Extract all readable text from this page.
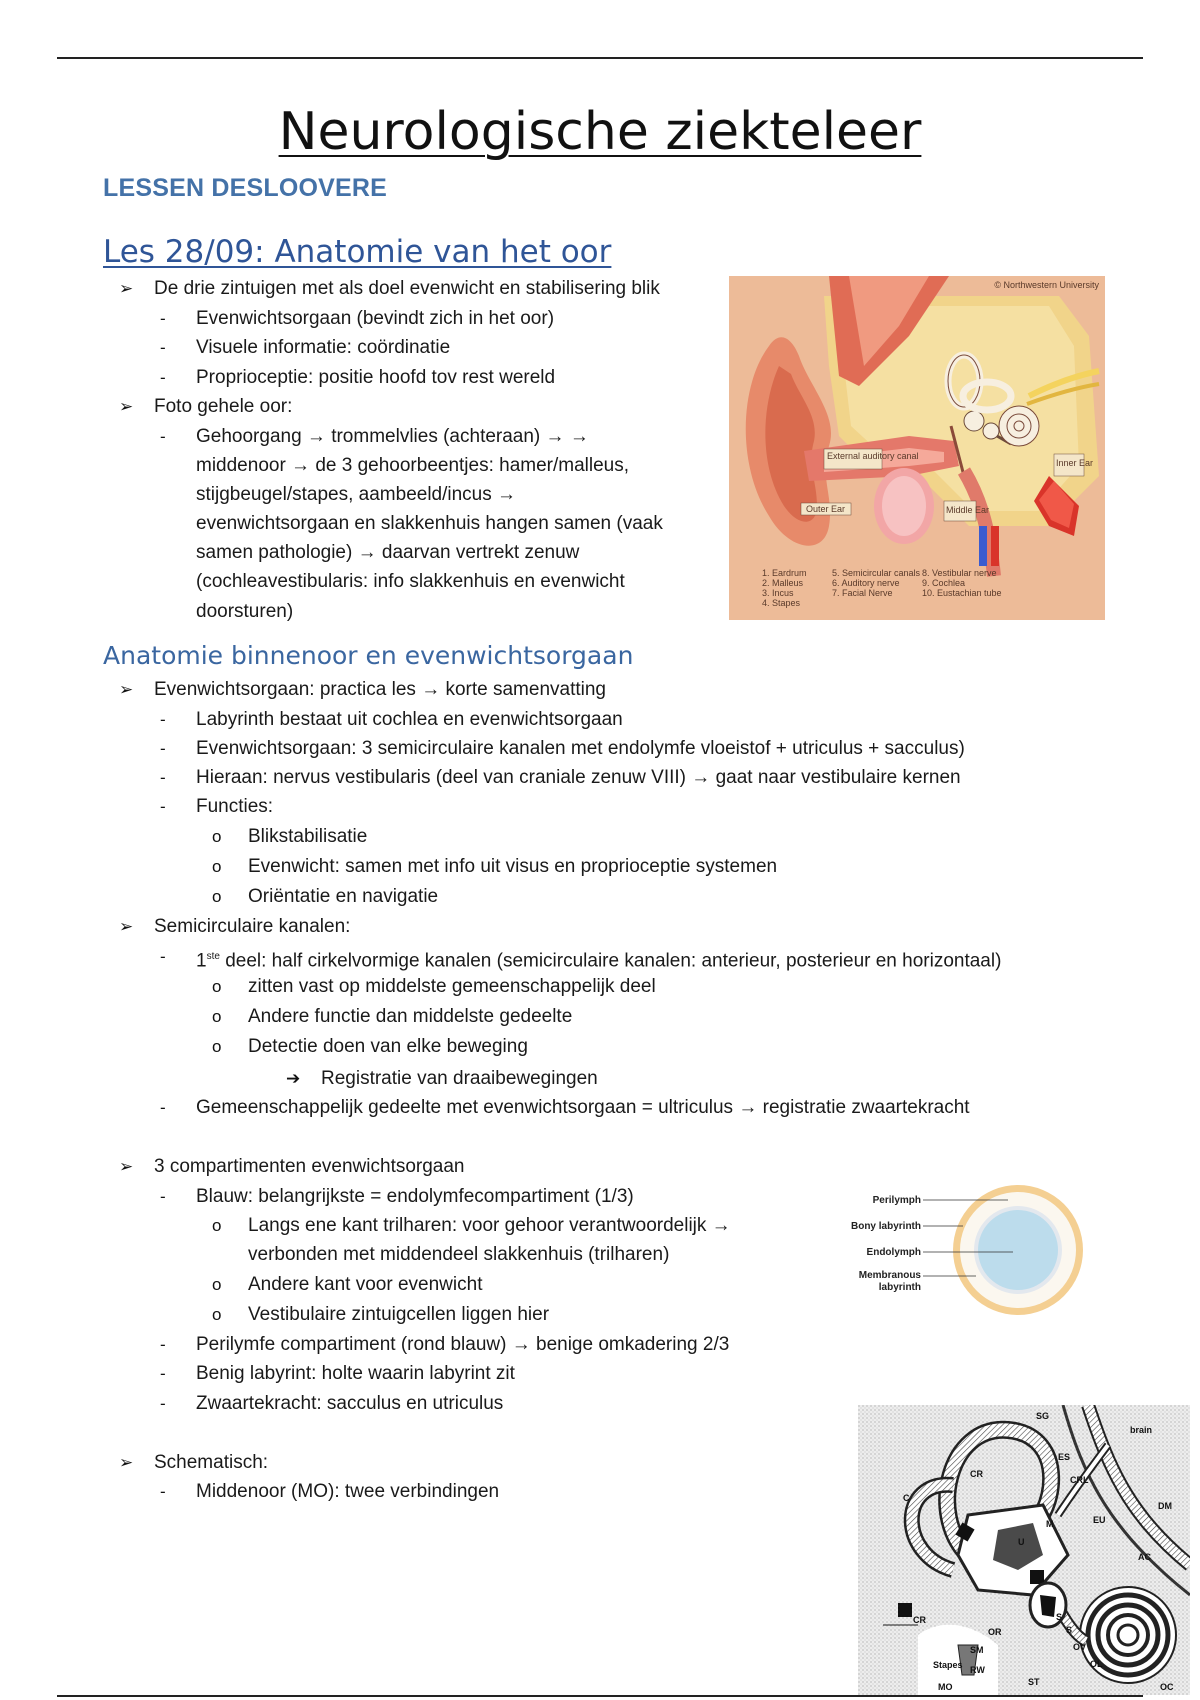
Neurologische ziekteleer
LESSEN DESLOOVERE
Les 28/09: Anatomie van het oor
➢ De drie zintuigen met als doel evenwicht en stabilisering blik
- Evenwichtsorgaan (bevindt zich in het oor)
- Visuele informatie: coördinatie
- Proprioceptie: positie hoofd tov rest wereld
➢ Foto gehele oor:
- Gehoorgang → trommelvlies (achteraan) → →
middenoor → de 3 gehoorbeentjes: hamer/malleus,
stijgbeugel/stapes, aambeeld/incus →
evenwichtsorgaan en slakkenhuis hangen samen (vaak
samen pathologie) → daarvan vertrekt zenuw
(cochleavestibularis: info slakkenhuis en evenwicht
doorsturen)
© Northwestern University
External auditory canal
Inner Ear
Outer Ear	Middle Ear
1. Eardrum
2. Malleus
3. Incus
4. Stapes
5. Semicircular canals
6. Auditory nerve
7. Facial Nerve
8. Vestibular nerve
9. Cochlea
10. Eustachian tube
Anatomie binnenoor en evenwichtsorgaan
➢ Evenwichtsorgaan: practica les → korte samenvatting
- Labyrinth bestaat uit cochlea en evenwichtsorgaan
- Evenwichtsorgaan: 3 semicirculaire kanalen met endolymfe vloeistof + utriculus + sacculus)
- Hieraan: nervus vestibularis (deel van craniale zenuw VIII) → gaat naar vestibulaire kernen
- Functies:
o Blikstabilisatie
o Evenwicht: samen met info uit visus en proprioceptie systemen
o Oriëntatie en navigatie
➢ Semicirculaire kanalen:
- 1ste deel: half cirkelvormige kanalen (semicirculaire kanalen: anterieur, posterieur en horizontaal)
o zitten vast op middelste gemeenschappelijk deel
o Andere functie dan middelste gedeelte
o Detectie doen van elke beweging
➔ Registratie van draaibewegingen
- Gemeenschappelijk gedeelte met evenwichtsorgaan = ultriculus → registratie zwaartekracht
➢ 3 compartimenten evenwichtsorgaan
- Blauw: belangrijkste = endolymfecompartiment (1/3)
o Langs ene kant trilharen: voor gehoor verantwoordelijk →
verbonden met middendeel slakkenhuis (trilharen)
o Andere kant voor evenwicht
o Vestibulaire zintuigcellen liggen hier
- Perilymfe compartiment (rond blauw) → benige omkadering 2/3
- Benig labyrint: holte waarin labyrint zit
- Zwaartekracht: sacculus en utriculus
➢ Schematisch:
- Middenoor (MO): twee verbindingen
Perilymph
Bony labyrinth
Endolymph
Membranous
labyrinth
SG
brain
ES
CR
CRL
C
DM
M
U
EU
AC
CR	S
OR
SM	OV
Stapes RW
MO	ST	OC
S
OL
